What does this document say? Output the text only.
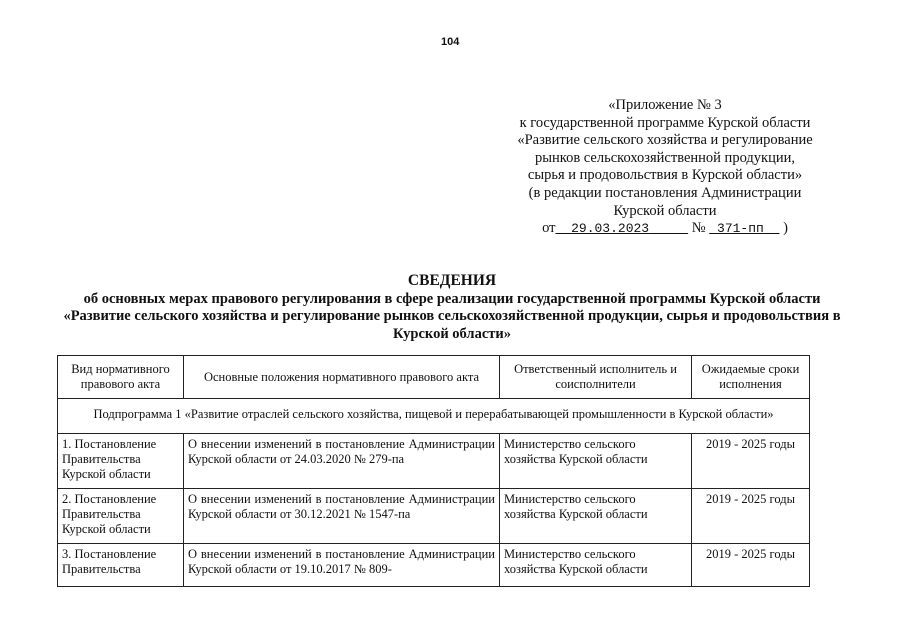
104
«Приложение № 3
к государственной программе Курской области
«Развитие сельского хозяйства и регулирование
рынков сельскохозяйственной продукции,
сырья и продовольствия в Курской области»
(в редакции постановления Администрации
Курской области
от 29.03.2023	№ 371-пп )
СВЕДЕНИЯ
об основных мерах правового регулирования в сфере реализации государственной программы Курской области «Развитие сельского хозяйства и регулирование рынков сельскохозяйственной продукции, сырья и продовольствия в Курской области»
Вид нормативного правового акта	Основные положения нормативного правового акта	Ответственный исполнитель и соисполнители	Ожидаемые сроки исполнения
Подпрограмма 1 «Развитие отраслей сельского хозяйства, пищевой и перерабатывающей промышленности в Курской области»			
1. Постановление Правительства Курской области	О внесении изменений в постановление Администрации Курской области от 24.03.2020 № 279-па	Министерство сельского хозяйства Курской области	2019 - 2025 годы
2. Постановление Правительства Курской области	О внесении изменений в постановление Администрации Курской области от 30.12.2021 № 1547-па	Министерство сельского хозяйства Курской области	2019 - 2025 годы
3. Постановление Правительства	О внесении изменений в постановление Администрации Курской области от 19.10.2017 № 809-	Министерство сельского хозяйства Курской области	2019 - 2025 годы
